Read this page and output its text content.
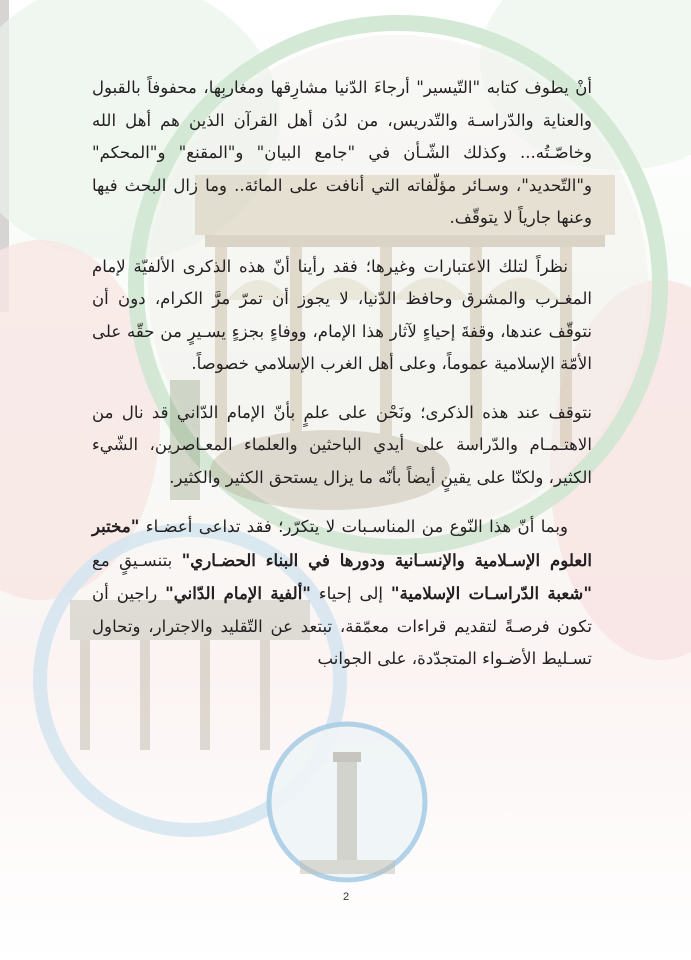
أنْ يطوف كتابه "التّيسير" أرجاءَ الدّنيا مشارِقها ومغاربِها، محفوفاً بالقبول والعناية والدّراسـة والتّدريس، من لدُن أهل القرآن الذين هم أهل الله وخاصّـتُه... وكذلك الشّـأن في "جامع البيان" و"المقنع" و"المحكم" و"التّحديد"، وسـائر مؤلّفاته التي أنافت على المائة.. وما زال البحث فيها وعنها جارياً لا يتوقّف.

نظراً لتلك الاعتبارات وغيرها؛ فقد رأينا أنّ هذه الذكرى الألفيّة لإمام المغـرب والمشرق وحافظ الدّنيا، لا يجوز أن تمرّ مرَّ الكرام، دون أن نتوقّف عندها، وقفةَ إحياءٍ لآثار هذا الإمام، ووفاءٍ بجزءٍ يسـيرٍ من حقّه على الأمّة الإسلامية عموماً، وعلى أهل الغرب الإسلامي خصوصاً.

نتوقف عند هذه الذكرى؛ ونَحْن على علمٍ بأنّ الإمام الدّاني قد نال من الاهتـمـام والدّراسة على أيدي الباحثين والعلماء المعـاصرين، الشّيء الكثير، ولكنّا على يقينٍ أيضاً بأنّه ما يزال يستحق الكثير والكثير.

وبما أنّ هذا النّوع من المناسـبات لا يتكرّر؛ فقد تداعى أعضـاء "مختبر العلوم الإسـلامية والإنسـانية ودورها في البناء الحضـاري" بتنسـيقٍ مع "شعبة الدّراسـات الإسلامية" إلى إحياء "ألفية الإمام الدّاني" راجين أن تكون فرصـةً لتقديم قراءات معمّقة، تبتعد عن التّقليد والاجترار، وتحاول تسـليط الأضـواء المتجدّدة، على الجوانب

2
